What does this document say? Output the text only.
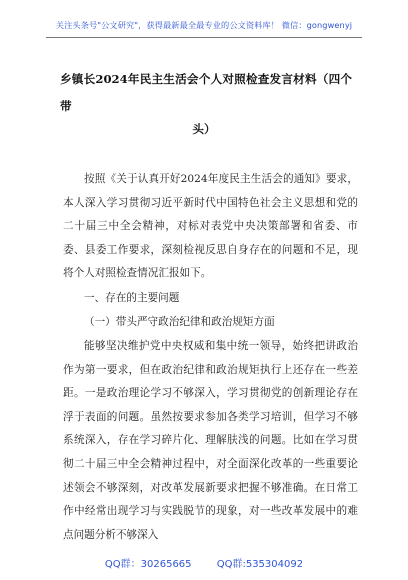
关注头条号"公文研究"，获得最新最全最专业的公文资料库！ 微信：gongwenyj
乡镇长2024年民主生活会个人对照检查发言材料（四个带
头）
按照《关于认真开好2024年度民主生活会的通知》要求，本人深入学习贯彻习近平新时代中国特色社会主义思想和党的二十届三中全会精神，对标对表党中央决策部署和省委、市委、县委工作要求，深刻检视反思自身存在的问题和不足，现将个人对照检查情况汇报如下。
一、存在的主要问题
（一）带头严守政治纪律和政治规矩方面
能够坚决维护党中央权威和集中统一领导，始终把讲政治作为第一要求，但在政治纪律和政治规矩执行上还存在一些差距。一是政治理论学习不够深入，学习贯彻党的创新理论存在浮于表面的问题。虽然按要求参加各类学习培训，但学习不够系统深入，存在学习碎片化、理解肤浅的问题。比如在学习贯彻二十届三中全会精神过程中，对全面深化改革的一些重要论述领会不够深刻，对改革发展新要求把握不够准确。在日常工作中经常出现学习与实践脱节的现象，对一些改革发展中的难点问题分析不够深入
QQ群：30265665	QQ群:535304092
